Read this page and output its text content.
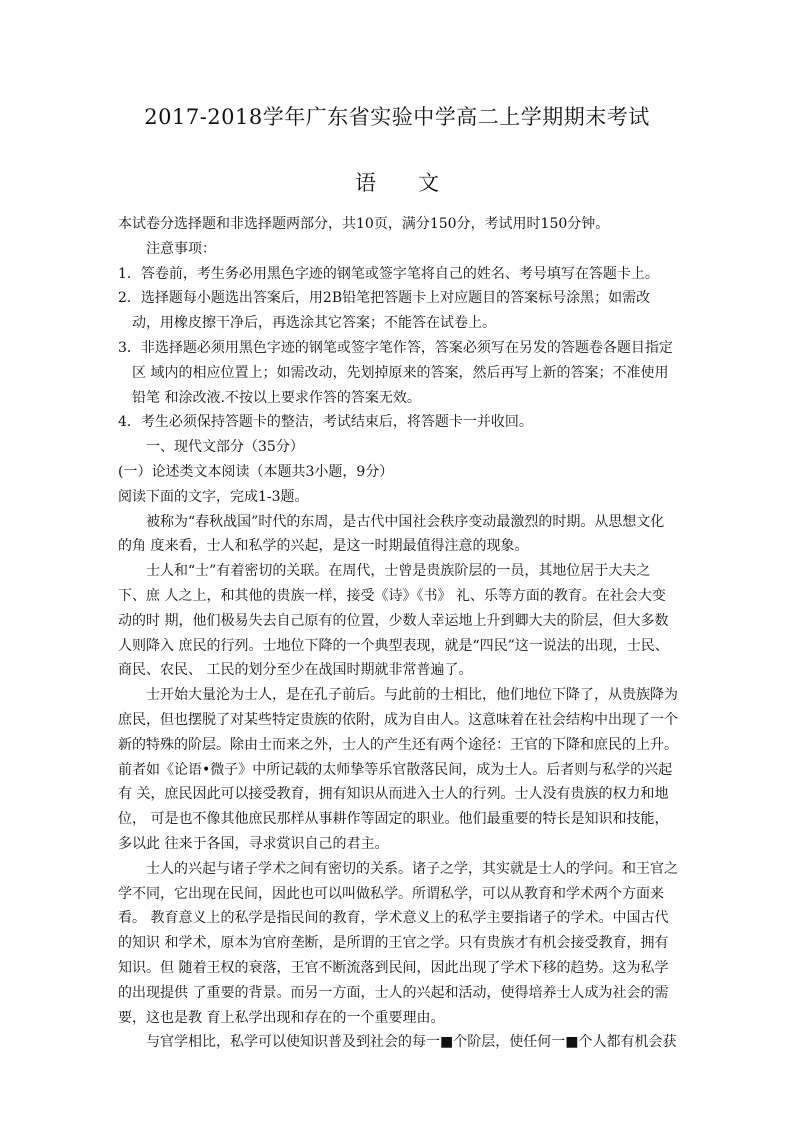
2017-2018学年广东省实验中学高二上学期期末考试
语　　文

本试卷分选择题和非选择题两部分，共10页，满分150分，考试用时150分钟。

注意事项：

1．答卷前，考生务必用黑色字迹的钢笔或签字笔将自己的姓名、考号填写在答题卡上。

2．选择题每小题选出答案后，用2B铅笔把答题卡上对应题目的答案标号涂黑；如需改动，用橡皮擦干净后，再选涂其它答案；不能答在试卷上。

3．非选择题必须用黑色字迹的钢笔或签字笔作答，答案必须写在另发的答题卷各题目指定区 域内的相应位置上；如需改动，先划掉原来的答案，然后再写上新的答案；不准使用铅笔 和涂改液.不按以上要求作答的答案无效。

4．考生必须保持答题卡的整洁，考试结束后，将答题卡一并收回。

一、现代文部分（35分）

(一）论述类文本阅读（本题共3小题，9分）

阅读下面的文字，完成1-3题。

被称为“春秋战国”时代的东周，是古代中国社会秩序变动最激烈的时期。从思想文化的角 度来看，士人和私学的兴起，是这一时期最值得注意的现象。

士人和“士”有着密切的关联。在周代，士曾是贵族阶层的一员，其地位居于大夫之下、庶 人之上，和其他的贵族一样，接受《诗》《书》 礼、乐等方面的教育。在社会大变动的时 期，他们极易失去自己原有的位置，少数人幸运地上升到卿大夫的阶层，但大多数人则降入 庶民的行列。士地位下降的一个典型表现，就是“四民”这一说法的出现，士民、商民、农民、 工民的划分至少在战国时期就非常普遍了。

士开始大量沦为士人，是在孔子前后。与此前的士相比，他们地位下降了，从贵族降为 庶民，但也摆脱了对某些特定贵族的依附，成为自由人。这意味着在社会结构中出现了一个 新的特殊的阶层。除由士而来之外，士人的产生还有两个途径：王官的下降和庶民的上升。 前者如《论语•微子》中所记载的太师挚等乐官散落民间，成为士人。后者则与私学的兴起有 关，庶民因此可以接受教育，拥有知识从而进入士人的行列。士人没有贵族的权力和地位， 可是也不像其他庶民那样从事耕作等固定的职业。他们最重要的特长是知识和技能，多以此 往来于各国，寻求赏识自己的君主。

士人的兴起与诸子学术之间有密切的关系。诸子之学，其实就是士人的学问。和王官之 学不同，它出现在民间，因此也可以叫做私学。所谓私学，可以从教育和学术两个方面来看。 教育意义上的私学是指民间的教育，学术意义上的私学主要指诸子的学术。中国古代的知识 和学术，原本为官府垄断，是所谓的王官之学。只有贵族才有机会接受教育，拥有知识。但 随着王权的衰落，王官不断流落到民间，因此出现了学术下移的趋势。这为私学的出现提供 了重要的背景。而另一方面，士人的兴起和活动，使得培养士人成为社会的需要，这也是教 育上私学出现和存在的一个重要理由。

与官学相比，私学可以使知识普及到社会的每一■个阶层，使任何一■个人都有机会获
